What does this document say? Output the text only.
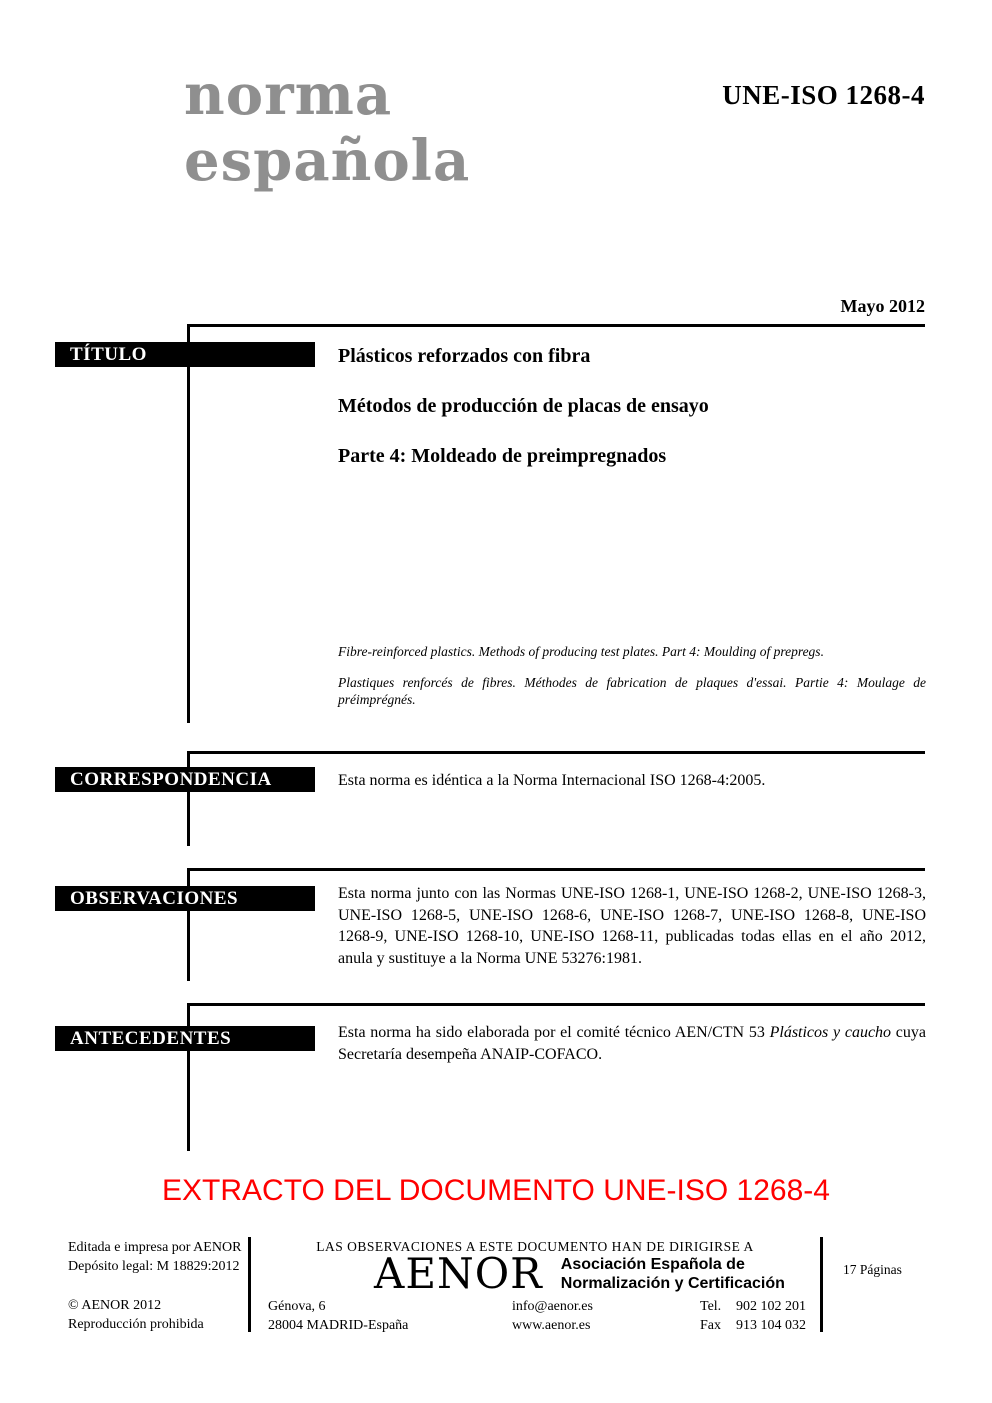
norma
española
UNE-ISO 1268-4
Mayo 2012
TÍTULO	Plásticos reforzados con fibra
Métodos de producción de placas de ensayo
Parte 4: Moldeado de preimpregnados
Fibre-reinforced plastics. Methods of producing test plates. Part 4: Moulding of prepregs.
Plastiques renforcés de fibres. Méthodes de fabrication de plaques d'essai. Partie 4: Moulage de préimprégnés.
CORRESPONDENCIA	Esta norma es idéntica a la Norma Internacional ISO 1268-4:2005.
OBSERVACIONES	Esta norma junto con las Normas UNE-ISO 1268-1, UNE-ISO 1268-2, UNE-ISO 1268-3, UNE-ISO 1268-5, UNE-ISO 1268-6, UNE-ISO 1268-7, UNE-ISO 1268-8, UNE-ISO 1268-9, UNE-ISO 1268-10, UNE-ISO 1268-11, publicadas todas ellas en el año 2012, anula y sustituye a la Norma UNE 53276:1981.
ANTECEDENTES	Esta norma ha sido elaborada por el comité técnico AEN/CTN 53 Plásticos y caucho cuya Secretaría desempeña ANAIP-COFACO.
EXTRACTO DEL DOCUMENTO UNE-ISO 1268-4
Editada e impresa por AENOR
Depósito legal: M 18829:2012
© AENOR 2012
Reproducción prohibida
LAS OBSERVACIONES A ESTE DOCUMENTO HAN DE DIRIGIRSE A
AENOR Asociación Española de
Normalización y Certificación
Génova, 6
28004 MADRID-España
info@aenor.es
www.aenor.es
Tel. 902 102 201
Fax 913 104 032
17 Páginas
